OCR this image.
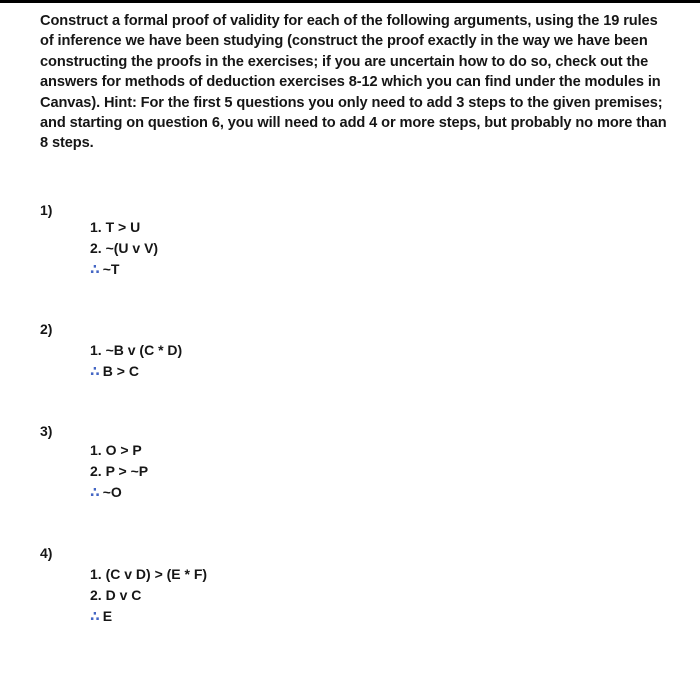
Construct a formal proof of validity for each of the following arguments, using the 19 rules of inference we have been studying (construct the proof exactly in the way we have been constructing the proofs in the exercises; if you are uncertain how to do so, check out the answers for methods of deduction exercises 8-12 which you can find under the modules in Canvas). Hint: For the first 5 questions you only need to add 3 steps to the given premises; and starting on question 6, you will need to add 4 or more steps, but probably no more than 8 steps.

1)
1. T > U
2. ~(U v V)
∴ ~T
2)
1. ~B v (C * D)
∴ B > C
3)
1. O > P
2. P > ~P
∴ ~O
4)
1. (C v D) > (E * F)
2. D v C
∴ E
